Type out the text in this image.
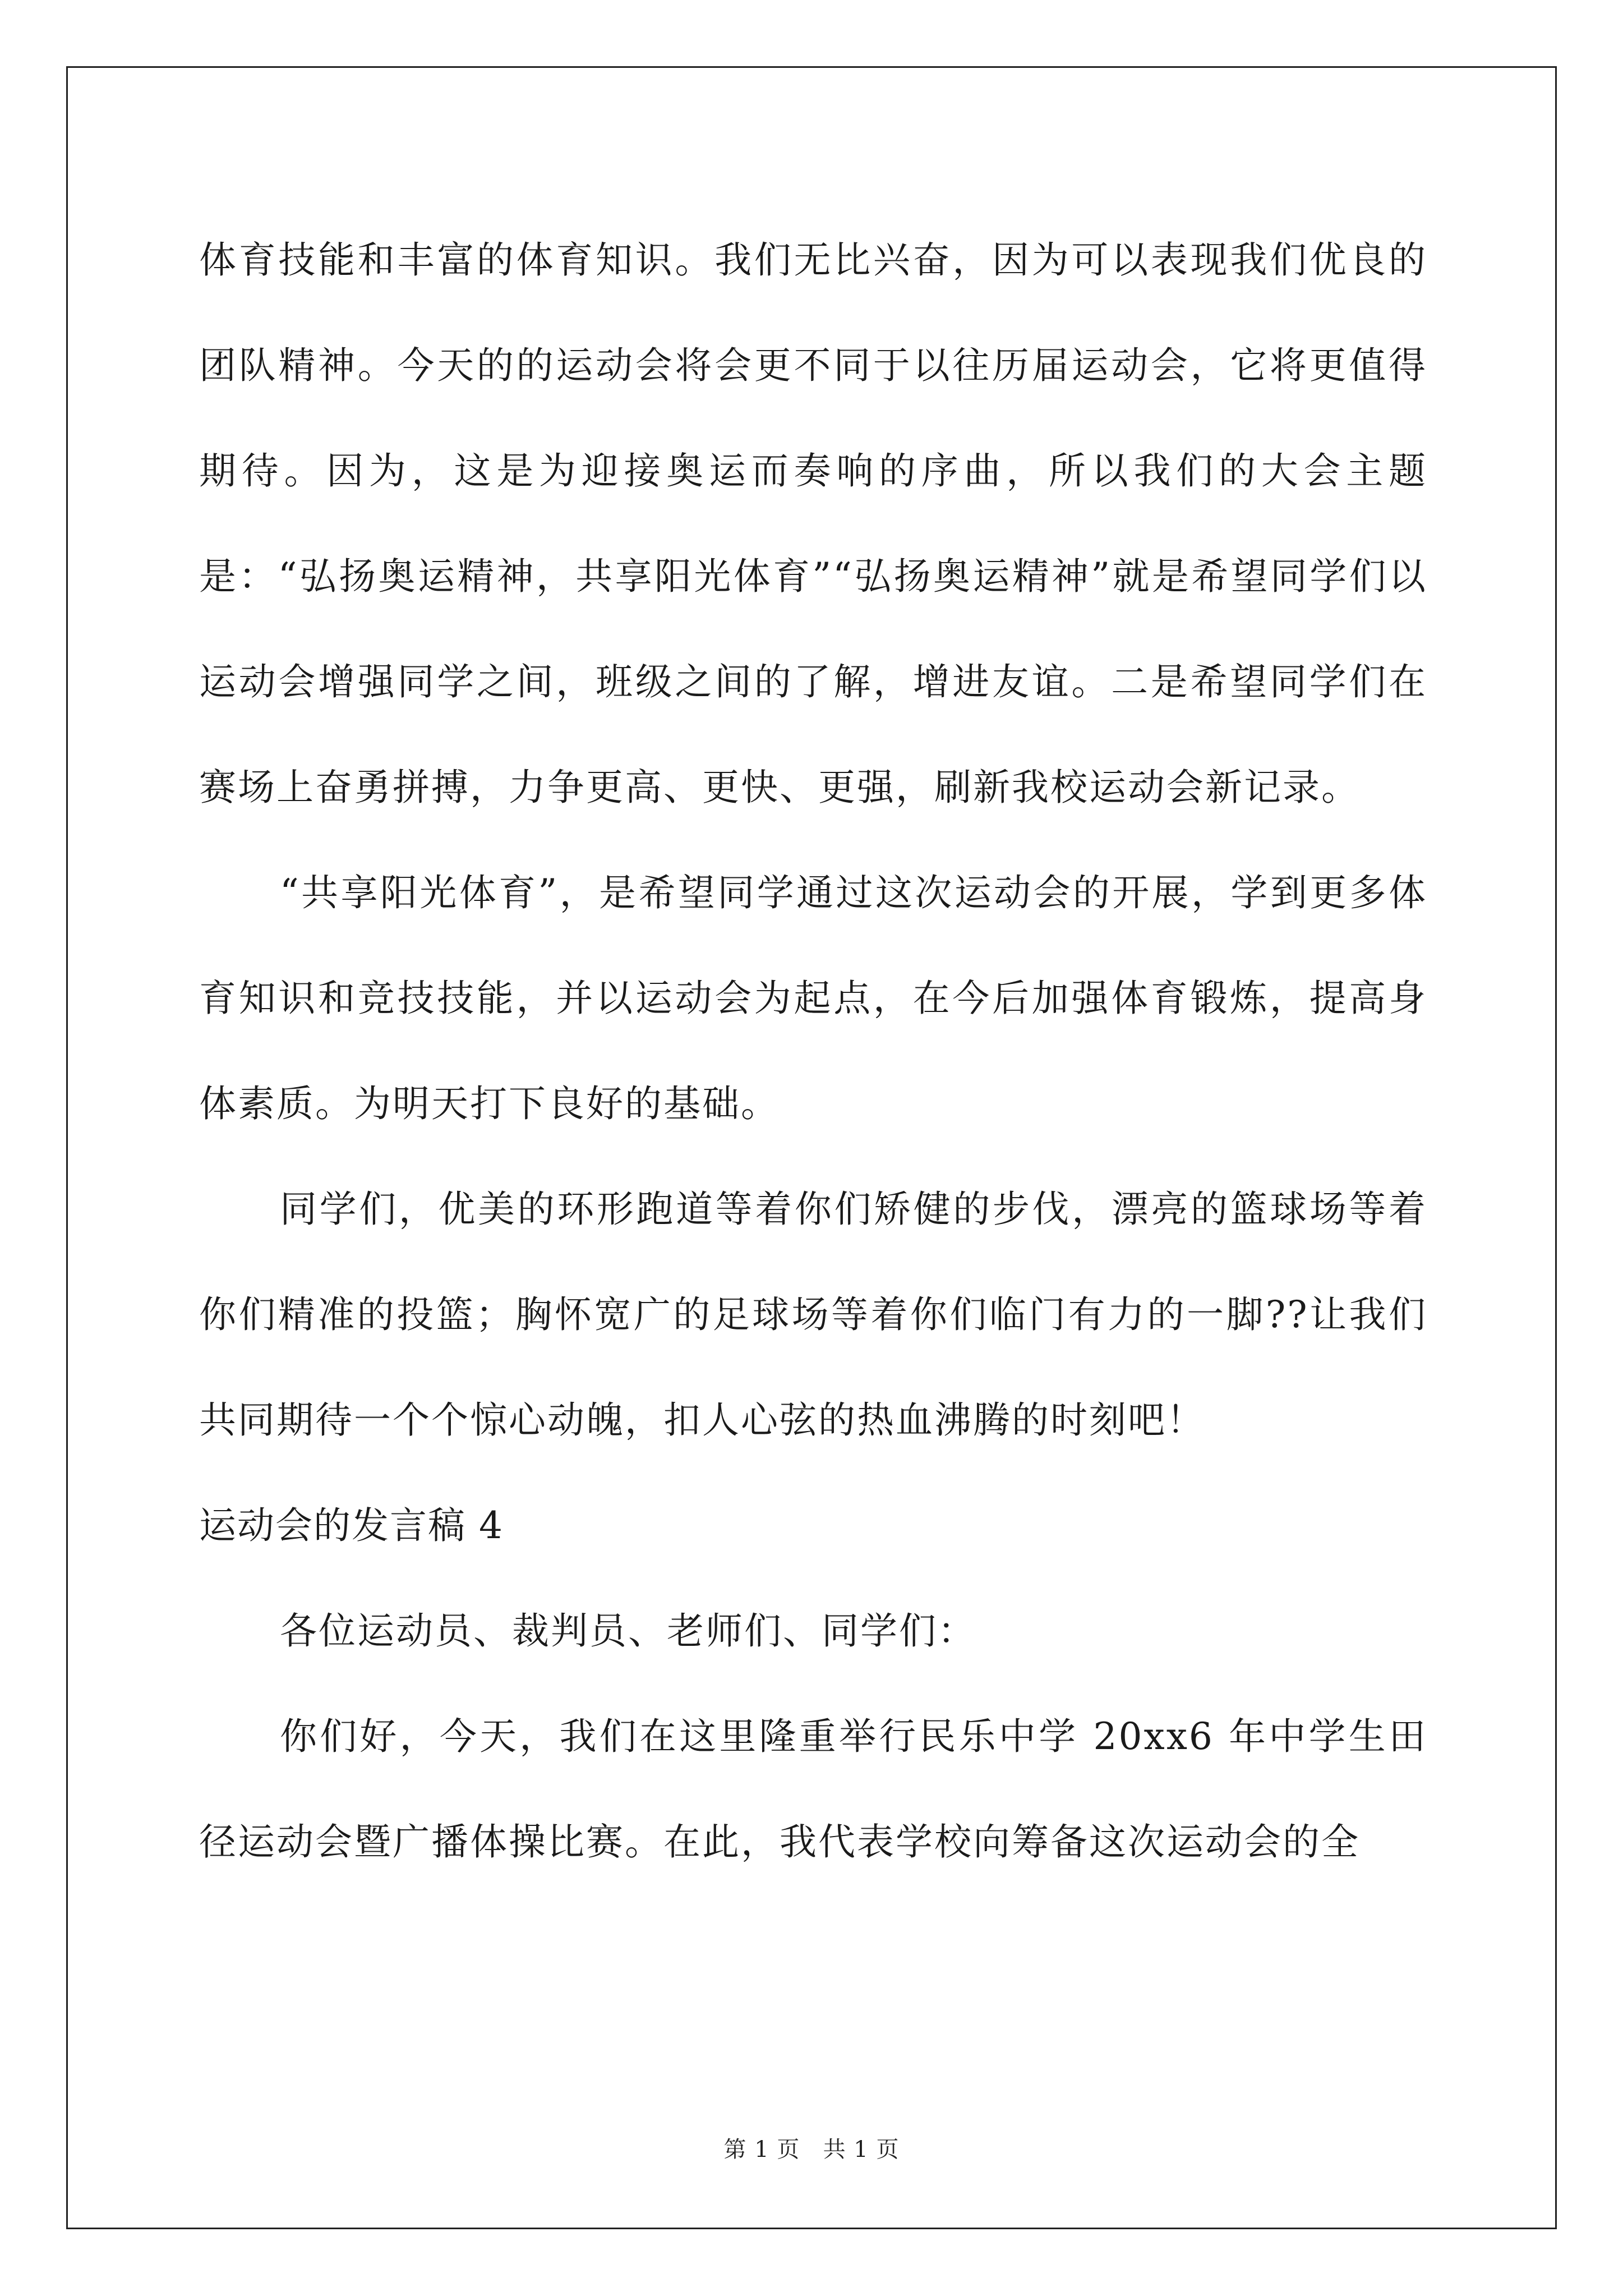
体育技能和丰富的体育知识。我们无比兴奋，因为可以表现我们优良的团队精神。今天的的运动会将会更不同于以往历届运动会，它将更值得期待。因为，这是为迎接奥运而奏响的序曲，所以我们的大会主题是：“弘扬奥运精神，共享阳光体育”“弘扬奥运精神”就是希望同学们以运动会增强同学之间，班级之间的了解，增进友谊。二是希望同学们在赛场上奋勇拼搏，力争更高、更快、更强，刷新我校运动会新记录。

“共享阳光体育”，是希望同学通过这次运动会的开展，学到更多体育知识和竞技技能，并以运动会为起点，在今后加强体育锻炼，提高身体素质。为明天打下良好的基础。

同学们，优美的环形跑道等着你们矫健的步伐，漂亮的篮球场等着你们精准的投篮；胸怀宽广的足球场等着你们临门有力的一脚??让我们共同期待一个个惊心动魄，扣人心弦的热血沸腾的时刻吧！

运动会的发言稿 4

各位运动员、裁判员、老师们、同学们：

你们好，今天，我们在这里隆重举行民乐中学 20xx6 年中学生田径运动会暨广播体操比赛。在此，我代表学校向筹备这次运动会的全

第 1 页 共 1 页
